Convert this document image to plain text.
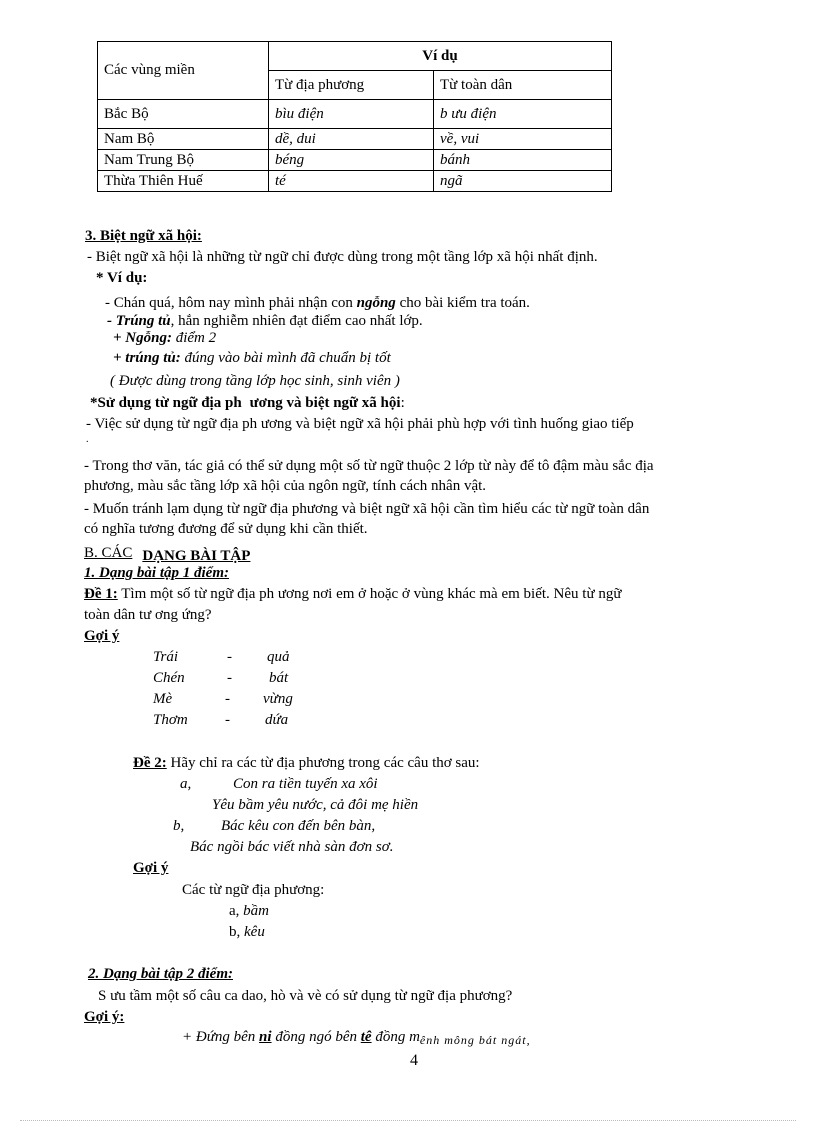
Các vùng miền	Ví dụ	
	Từ địa phương	Từ toàn dân
Bắc Bộ	bìu điện	b ưu điện
Nam Bộ	dề, dui	về, vui
Nam Trung Bộ	béng	bánh
Thừa Thiên Huế	té	ngã
3. Biệt ngữ xã hội:
- Biệt ngữ xã hội là những từ ngữ chỉ được dùng trong một tầng lớp xã hội nhất định.
* Ví dụ:
- Chán quá, hôm nay mình phải nhận con ngỗng cho bài kiểm tra toán.
- Trúng tủ, hắn nghiễm nhiên đạt điểm cao nhất lớp.
+ Ngỗng: điểm 2
+ trúng tủ: đúng vào bài mình đã chuẩn bị tốt
( Được dùng trong tầng lớp học sinh, sinh viên )
*Sử dụng từ ngữ địa ph ương và biệt ngữ xã hội:
- Việc sử dụng từ ngữ địa ph ương và biệt ngữ xã hội phải phù hợp với tình huống giao tiếp
.
- Trong thơ văn, tác giả có thể sử dụng một số từ ngữ thuộc 2 lớp từ này để tô đậm màu sắc địa
phương, màu sắc tầng lớp xã hội của ngôn ngữ, tính cách nhân vật.
- Muốn tránh lạm dụng từ ngữ địa phương và biệt ngữ xã hội cần tìm hiểu các từ ngữ toàn dân
có nghĩa tương đương để sử dụng khi cần thiết.
B. CÁC DẠNG BÀI TẬP
1. Dạng bài tập 1 điểm:
Đề 1: Tìm một số từ ngữ địa ph ương nơi em ở hoặc ở vùng khác mà em biết. Nêu từ ngữ
toàn dân tư ơng ứng?
Gợi ý
Trái	- quả
Chén	- bát
Mè	- vừng
Thơm - dứa
Đề 2: Hãy chỉ ra các từ địa phương trong các câu thơ sau:
a,	Con ra tiền tuyến xa xôi
Yêu bầm yêu nước, cả đôi mẹ hiền
b, Bác kêu con đến bên bàn,
Bác ngồi bác viết nhà sàn đơn sơ.
Gợi ý
Các từ ngữ địa phương:
a, bầm
b, kêu
2. Dạng bài tập 2 điểm:
S ưu tầm một số câu ca dao, hò và vè có sử dụng từ ngữ địa phương?
Gợi ý:
+ Đứng bên ni đồng ngó bên tê đồng $m_{ênh mông bát ngát,}$
4
